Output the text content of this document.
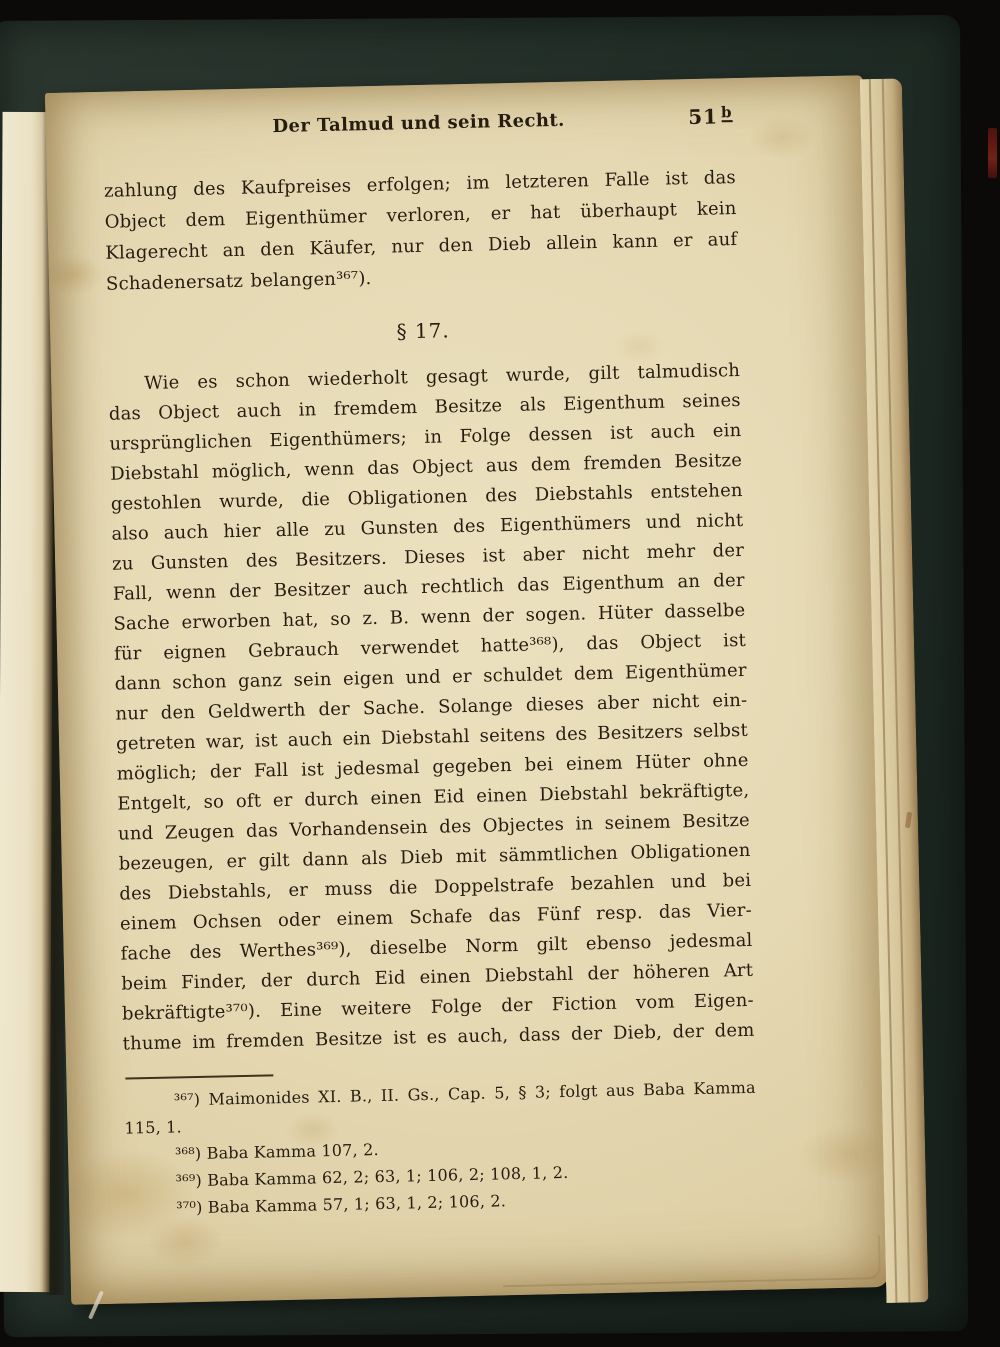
Der Talmud und sein Recht.	51 b
zahlung des Kaufpreises erfolgen; im letzteren Falle ist das
Object dem Eigenthümer verloren, er hat überhaupt kein
Klagerecht an den Käufer, nur den Dieb allein kann er auf
Schadenersatz belangen³⁶⁷).
§ 17.
Wie es schon wiederholt gesagt wurde, gilt talmudisch
das Object auch in fremdem Besitze als Eigenthum seines
ursprünglichen Eigenthümers; in Folge dessen ist auch ein
Diebstahl möglich, wenn das Object aus dem fremden Besitze
gestohlen wurde, die Obligationen des Diebstahls entstehen
also auch hier alle zu Gunsten des Eigenthümers und nicht
zu Gunsten des Besitzers. Dieses ist aber nicht mehr der
Fall, wenn der Besitzer auch rechtlich das Eigenthum an der
Sache erworben hat, so z. B. wenn der sogen. Hüter dasselbe
für eignen Gebrauch verwendet hatte³⁶⁸), das Object ist
dann schon ganz sein eigen und er schuldet dem Eigenthümer
nur den Geldwerth der Sache. Solange dieses aber nicht ein-
getreten war, ist auch ein Diebstahl seitens des Besitzers selbst
möglich; der Fall ist jedesmal gegeben bei einem Hüter ohne
Entgelt, so oft er durch einen Eid einen Diebstahl bekräftigte,
und Zeugen das Vorhandensein des Objectes in seinem Besitze
bezeugen, er gilt dann als Dieb mit sämmtlichen Obligationen
des Diebstahls, er muss die Doppelstrafe bezahlen und bei
einem Ochsen oder einem Schafe das Fünf resp. das Vier-
fache des Werthes³⁶⁹), dieselbe Norm gilt ebenso jedesmal
beim Finder, der durch Eid einen Diebstahl der höheren Art
bekräftigte³⁷⁰). Eine weitere Folge der Fiction vom Eigen-
thume im fremden Besitze ist es auch, dass der Dieb, der dem
³⁶⁷) Maimonides XI. B., II. Gs., Cap. 5, § 3; folgt aus Baba Kamma
115, 1.
³⁶⁸) Baba Kamma 107, 2.
³⁶⁹) Baba Kamma 62, 2; 63, 1; 106, 2; 108, 1, 2.
³⁷⁰) Baba Kamma 57, 1; 63, 1, 2; 106, 2.
